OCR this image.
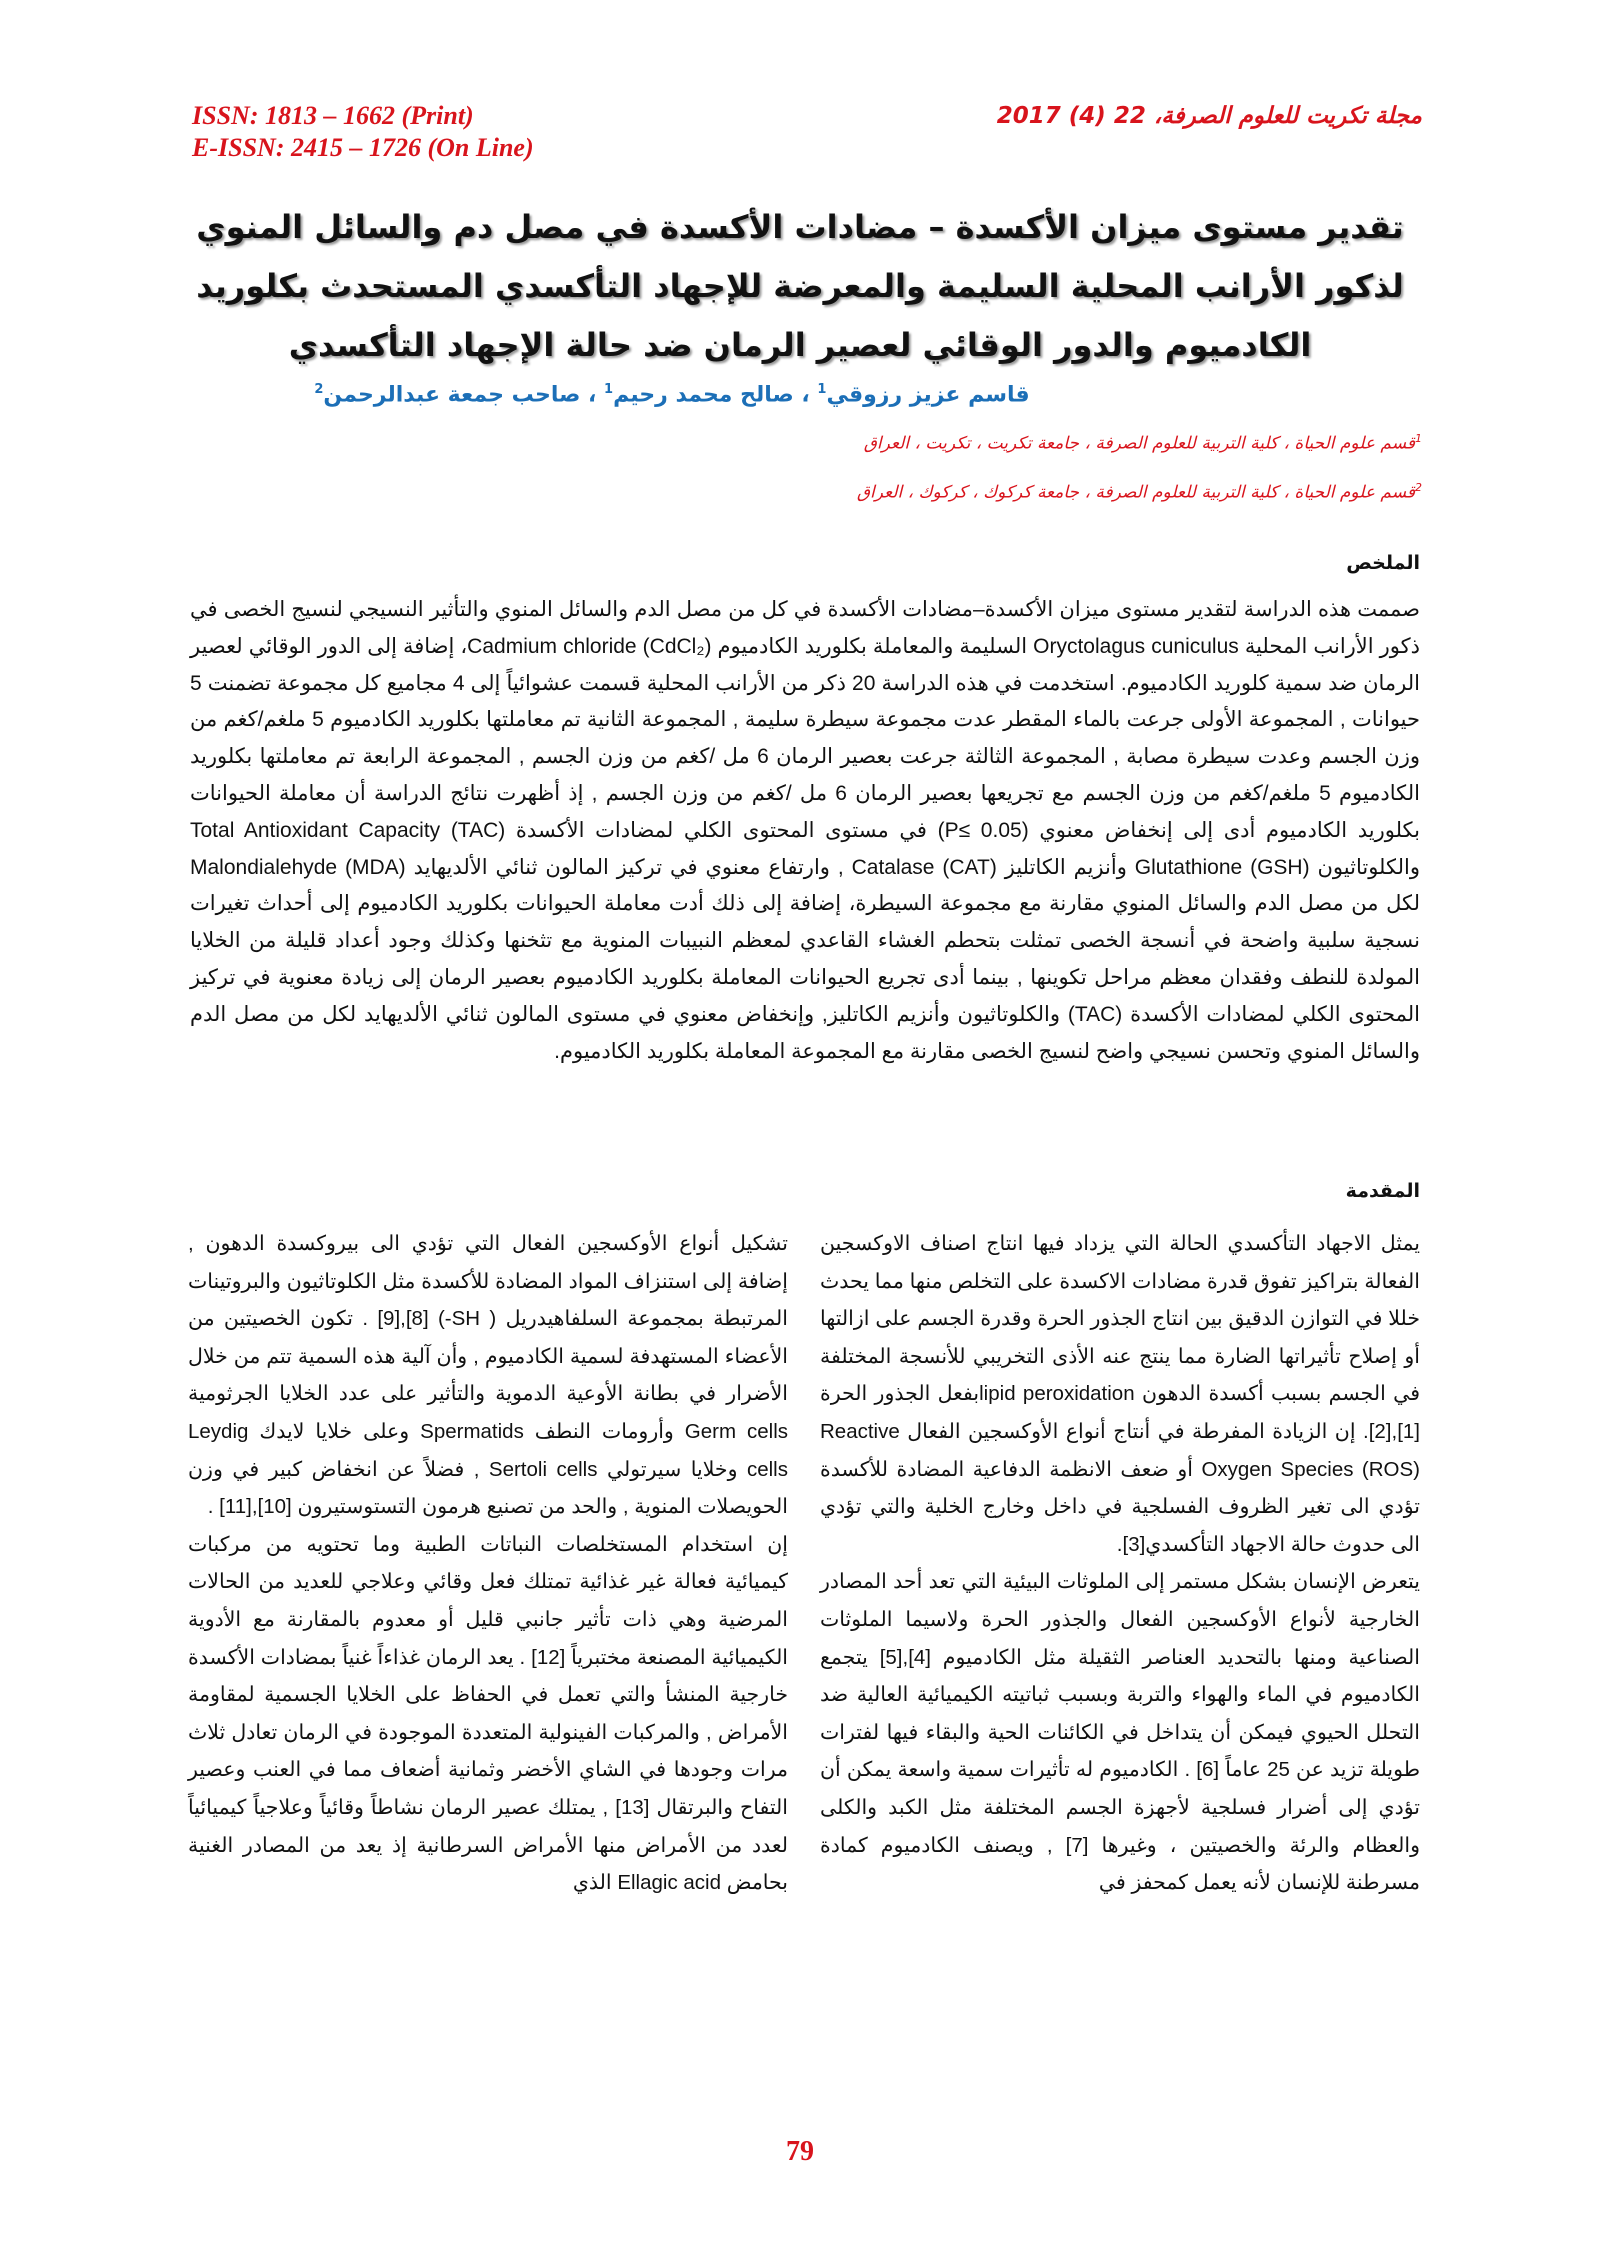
ISSN: 1813 – 1662 (Print)
E-ISSN: 2415 – 1726 (On Line)
مجلة تكريت للعلوم الصرفة، 22 (4) 2017
تقدير مستوى ميزان الأكسدة – مضادات الأكسدة في مصل دم والسائل المنوي لذكور الأرانب المحلية السليمة والمعرضة للإجهاد التأكسدي المستحدث بكلوريد الكادميوم والدور الوقائي لعصير الرمان ضد حالة الإجهاد التأكسدي
قاسم عزيز رزوقي$^1$ ، صالح محمد رحيم$^1$ ، صاحب جمعة عبدالرحمن$^2$
$^1$قسم علوم الحياة ، كلية التربية للعلوم الصرفة ، جامعة تكريت ، تكريت ، العراق
$^2$قسم علوم الحياة ، كلية التربية للعلوم الصرفة ، جامعة كركوك ، كركوك ، العراق
الملخص
صممت هذه الدراسة لتقدير مستوى ميزان الأكسدة–مضادات الأكسدة في كل من مصل الدم والسائل المنوي والتأثير النسيجي لنسيج الخصى في ذكور الأرانب المحلية Oryctolagus cuniculus السليمة والمعاملة بكلوريد الكادميوم Cadmium chloride (CdCl₂)، إضافة إلى الدور الوقائي لعصير الرمان ضد سمية كلوريد الكادميوم. استخدمت في هذه الدراسة 20 ذكر من الأرانب المحلية قسمت عشوائياً إلى 4 مجاميع كل مجموعة تضمنت 5 حيوانات , المجموعة الأولى جرعت بالماء المقطر عدت مجموعة سيطرة سليمة , المجموعة الثانية تم معاملتها بكلوريد الكادميوم 5 ملغم/كغم من وزن الجسم وعدت سيطرة مصابة , المجموعة الثالثة جرعت بعصير الرمان 6 مل /كغم من وزن الجسم , المجموعة الرابعة تم معاملتها بكلوريد الكادميوم 5 ملغم/كغم من وزن الجسم مع تجريعها بعصير الرمان 6 مل /كغم من وزن الجسم , إذ أظهرت نتائج الدراسة أن معاملة الحيوانات بكلوريد الكادميوم أدى إلى إنخفاض معنوي (P≤ 0.05) في مستوى المحتوى الكلي لمضادات الأكسدة Total Antioxidant Capacity (TAC) والكلوتاثيون Glutathione (GSH) وأنزيم الكاتليز Catalase (CAT) , وارتفاع معنوي في تركيز المالون ثنائي الألديهايد Malondialehyde (MDA) لكل من مصل الدم والسائل المنوي مقارنة مع مجموعة السيطرة، إضافة إلى ذلك أدت معاملة الحيوانات بكلوريد الكادميوم إلى أحداث تغيرات نسجية سلبية واضحة في أنسجة الخصى تمثلت بتحطم الغشاء القاعدي لمعظم النبيبات المنوية مع تثخنها وكذلك وجود أعداد قليلة من الخلايا المولدة للنطف وفقدان معظم مراحل تكوينها , بينما أدى تجريع الحيوانات المعاملة بكلوريد الكادميوم بعصير الرمان إلى زيادة معنوية في تركيز المحتوى الكلي لمضادات الأكسدة (TAC) والكلوتاثيون وأنزيم الكاتليز, وإنخفاض معنوي في مستوى المالون ثنائي الألديهايد لكل من مصل الدم والسائل المنوي وتحسن نسيجي واضح لنسيج الخصى مقارنة مع المجموعة المعاملة بكلوريد الكادميوم.
المقدمة

يمثل الاجهاد التأكسدي الحالة التي يزداد فيها انتاج اصناف الاوكسجين الفعالة بتراكيز تفوق قدرة مضادات الاكسدة على التخلص منها مما يحدث خللا في التوازن الدقيق بين انتاج الجذور الحرة وقدرة الجسم على ازالتها أو إصلاح تأثيراتها الضارة مما ينتج عنه الأذى التخريبي للأنسجة المختلفة في الجسم بسبب أكسدة الدهون lipid peroxidationبفعل الجذور الحرة [1],[2]. إن الزيادة المفرطة في أنتاج أنواع الأوكسجين الفعال Reactive Oxygen Species (ROS) أو ضعف الانظمة الدفاعية المضادة للأكسدة تؤدي الى تغير الظروف الفسلجية في داخل وخارج الخلية والتي تؤدي الى حدوث حالة الاجهاد التأكسدي[3].

يتعرض الإنسان بشكل مستمر إلى الملوثات البيئية التي تعد أحد المصادر الخارجية لأنواع الأوكسجين الفعال والجذور الحرة ولاسيما الملوثات الصناعية ومنها بالتحديد العناصر الثقيلة مثل الكادميوم [4],[5] يتجمع الكادميوم في الماء والهواء والتربة وبسبب ثباتيته الكيميائية العالية ضد التحلل الحيوي فيمكن أن يتداخل في الكائنات الحية والبقاء فيها لفترات طويلة تزيد عن 25 عاماً [6] . الكادميوم له تأثيرات سمية واسعة يمكن أن تؤدي إلى أضرار فسلجية لأجهزة الجسم المختلفة مثل الكبد والكلى والعظام والرئة والخصيتين ، وغيرها [7] , ويصنف الكادميوم كمادة مسرطنة للإنسان لأنه يعمل كمحفز في

تشكيل أنواع الأوكسجين الفعال التي تؤدي الى بيروكسدة الدهون , إضافة إلى استنزاف المواد المضادة للأكسدة مثل الكلوتاثيون والبروتينات المرتبطة بمجموعة السلفاهيدريل ( SH-) [8],[9] . تكون الخصيتين من الأعضاء المستهدفة لسمية الكادميوم , وأن آلية هذه السمية تتم من خلال الأضرار في بطانة الأوعية الدموية والتأثير على عدد الخلايا الجرثومية Germ cells وأرومات النطف Spermatids وعلى خلايا لايدك Leydig cells وخلايا سيرتولي Sertoli cells , فضلاً عن انخفاض كبير في وزن الحويصلات المنوية , والحد من تصنيع هرمون التستوستيرون [10],[11] .

إن استخدام المستخلصات النباتات الطبية وما تحتويه من مركبات كيميائية فعالة غير غذائية تمتلك فعل وقائي وعلاجي للعديد من الحالات المرضية وهي ذات تأثير جانبي قليل أو معدوم بالمقارنة مع الأدوية الكيميائية المصنعة مختبرياً [12] . يعد الرمان غذاءاً غنياً بمضادات الأكسدة خارجية المنشأ والتي تعمل في الحفاظ على الخلايا الجسمية لمقاومة الأمراض , والمركبات الفينولية المتعددة الموجودة في الرمان تعادل ثلاث مرات وجودها في الشاي الأخضر وثمانية أضعاف مما في العنب وعصير التفاح والبرتقال [13] , يمتلك عصير الرمان نشاطاً وقائياً وعلاجياً كيميائياً لعدد من الأمراض منها الأمراض السرطانية إذ يعد من المصادر الغنية بحامض Ellagic acid الذي

79
